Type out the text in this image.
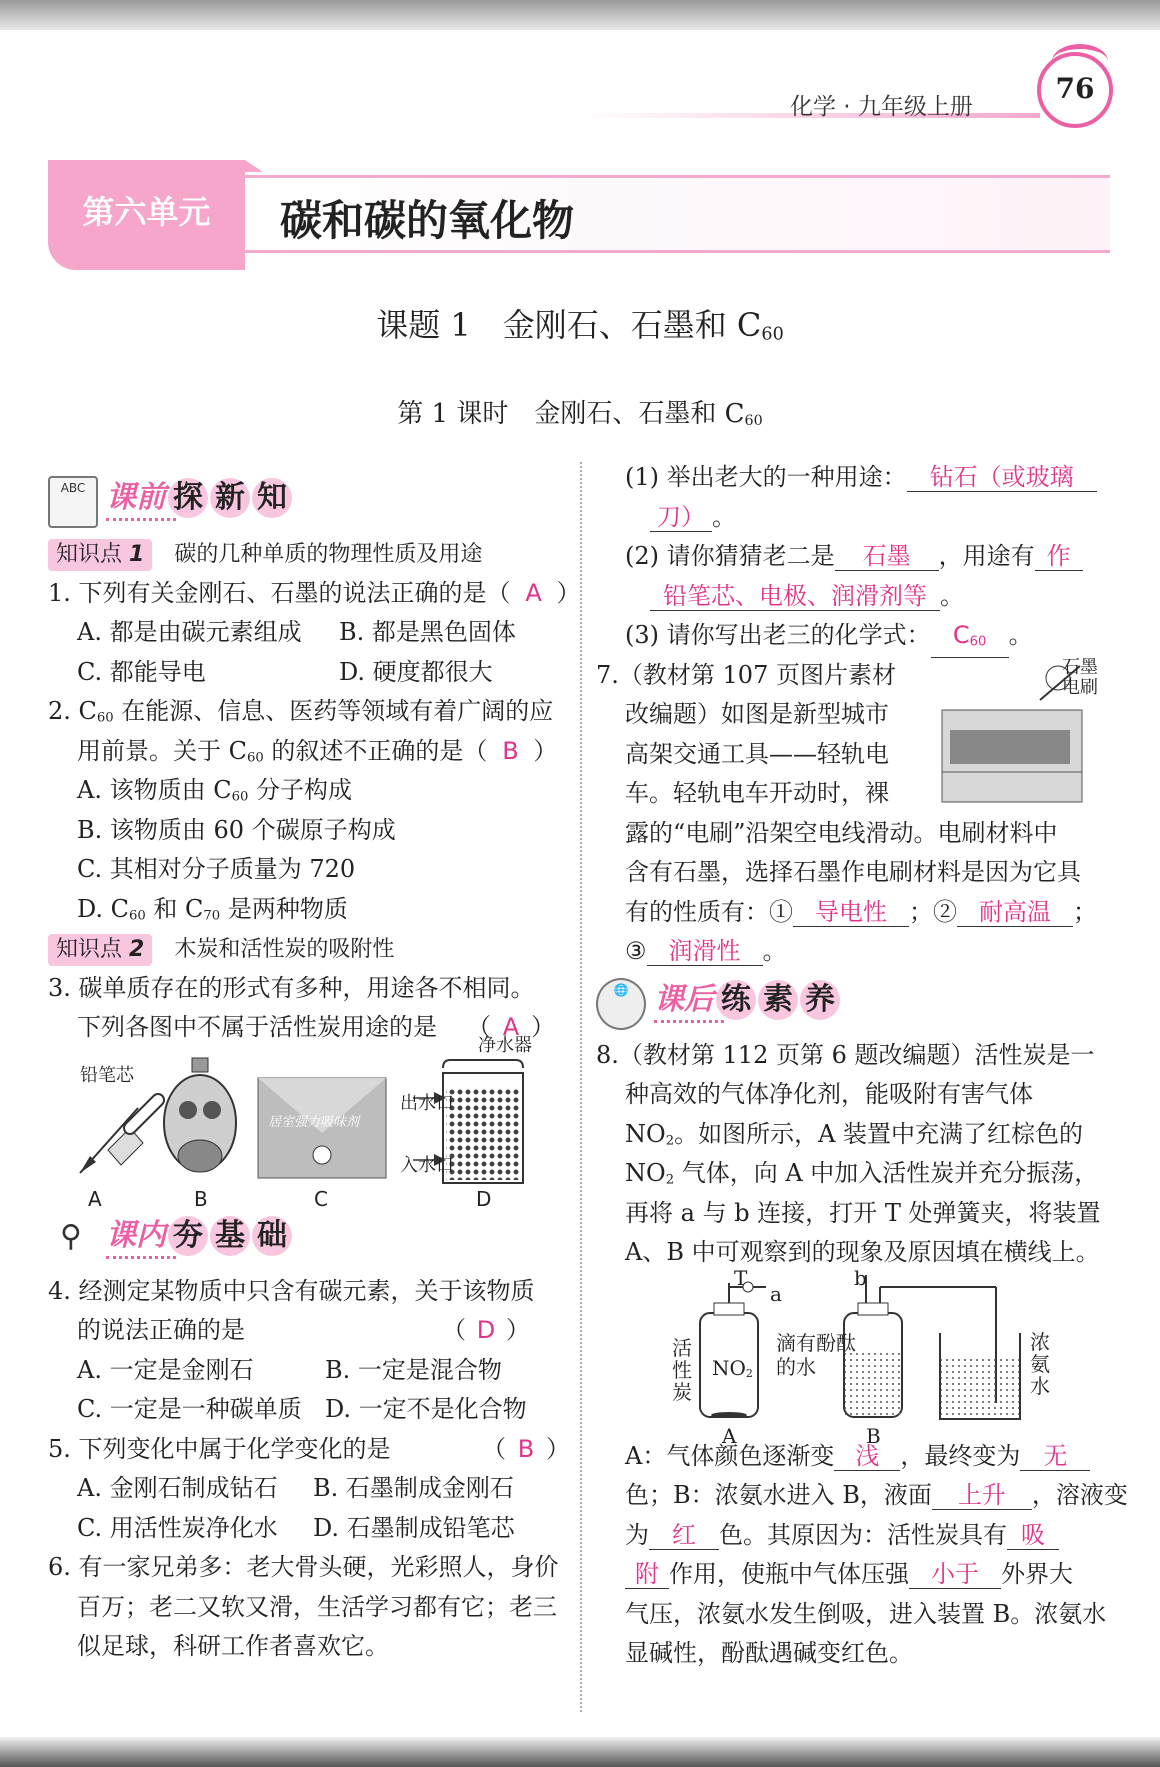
化学 · 九年级上册
76
第六单元	碳和碳的氧化物
课题 1　金刚石、石墨和 $C_{60}$
第 1 课时　金刚石、石墨和 $C_{60}$
ABC 课前 探 新 知
知识点 1 碳的几种单质的物理性质及用途
1. 下列有关金刚石、石墨的说法正确的是（ A ）
A. 都是由碳元素组成 B. 都是黑色固体
C. 都能导电	D. 硬度都很大
2. $C_{60}$ 在能源、信息、医药等领域有着广阔的应
用前景。关于 $C_{60}$ 的叙述不正确的是（ B ）
A. 该物质由 $C_{60}$ 分子构成
B. 该物质由 60 个碳原子构成
C. 其相对分子质量为 720
D. $C_{60}$ 和 $C_{70}$ 是两种物质
知识点 2 木炭和活性炭的吸附性
3. 碳单质存在的形式有多种，用途各不相同。
下列各图中不属于活性炭用途的是 （ A ）
铅笔芯
居室强力吸味剂
净水器
出水口
入水口
A	B	C	D
⚲ 课内 夯 基 础
4. 经测定某物质中只含有碳元素，关于该物质
的说法正确的是	（ D ）
A. 一定是金刚石	B. 一定是混合物
C. 一定是一种碳单质 D. 一定不是化合物
5. 下列变化中属于化学变化的是	（ B ）
A. 金刚石制成钻石 B. 石墨制成金刚石
C. 用活性炭净化水 D. 石墨制成铅笔芯
6. 有一家兄弟多：老大骨头硬，光彩照人，身价
百万；老二又软又滑，生活学习都有它；老三
似足球，科研工作者喜欢它。
(1) 举出老大的一种用途： 钻石（或玻璃
刀） 。
(2) 请你猜猜老二是 石墨 ，用途有 作
铅笔芯、电极、润滑剂等 。
(3) 请你写出老三的化学式： $C_{60}$ 。
7.（教材第 107 页图片素材
改编题）如图是新型城市
高架交通工具——轻轨电
车。轻轨电车开动时，裸
石墨电刷
露的“电刷”沿架空电线滑动。电刷材料中
含有石墨，选择石墨作电刷材料是因为它具
有的性质有：① 导电性 ；② 耐高温 ；
③ 润滑性 。
🌐 课后 练 素 养
8.（教材第 112 页第 6 题改编题）活性炭是一
种高效的气体净化剂，能吸附有害气体
$NO_2$。如图所示，A 装置中充满了红棕色的
$NO_2$ 气体，向 A 中加入活性炭并充分振荡，
再将 a 与 b 连接，打开 T 处弹簧夹，将装置
A、B 中可观察到的现象及原因填在横线上。
T
a
b
活性炭
$NO_2$
滴有酚酞的水
浓氨水
A	B
A：气体颜色逐渐变 浅 ，最终变为 无
色；B：浓氨水进入 B，液面 上升 ，溶液变
为 红 色。其原因为：活性炭具有 吸
附 作用，使瓶中气体压强 小于 外界大
气压，浓氨水发生倒吸，进入装置 B。浓氨水
显碱性，酚酞遇碱变红色。
